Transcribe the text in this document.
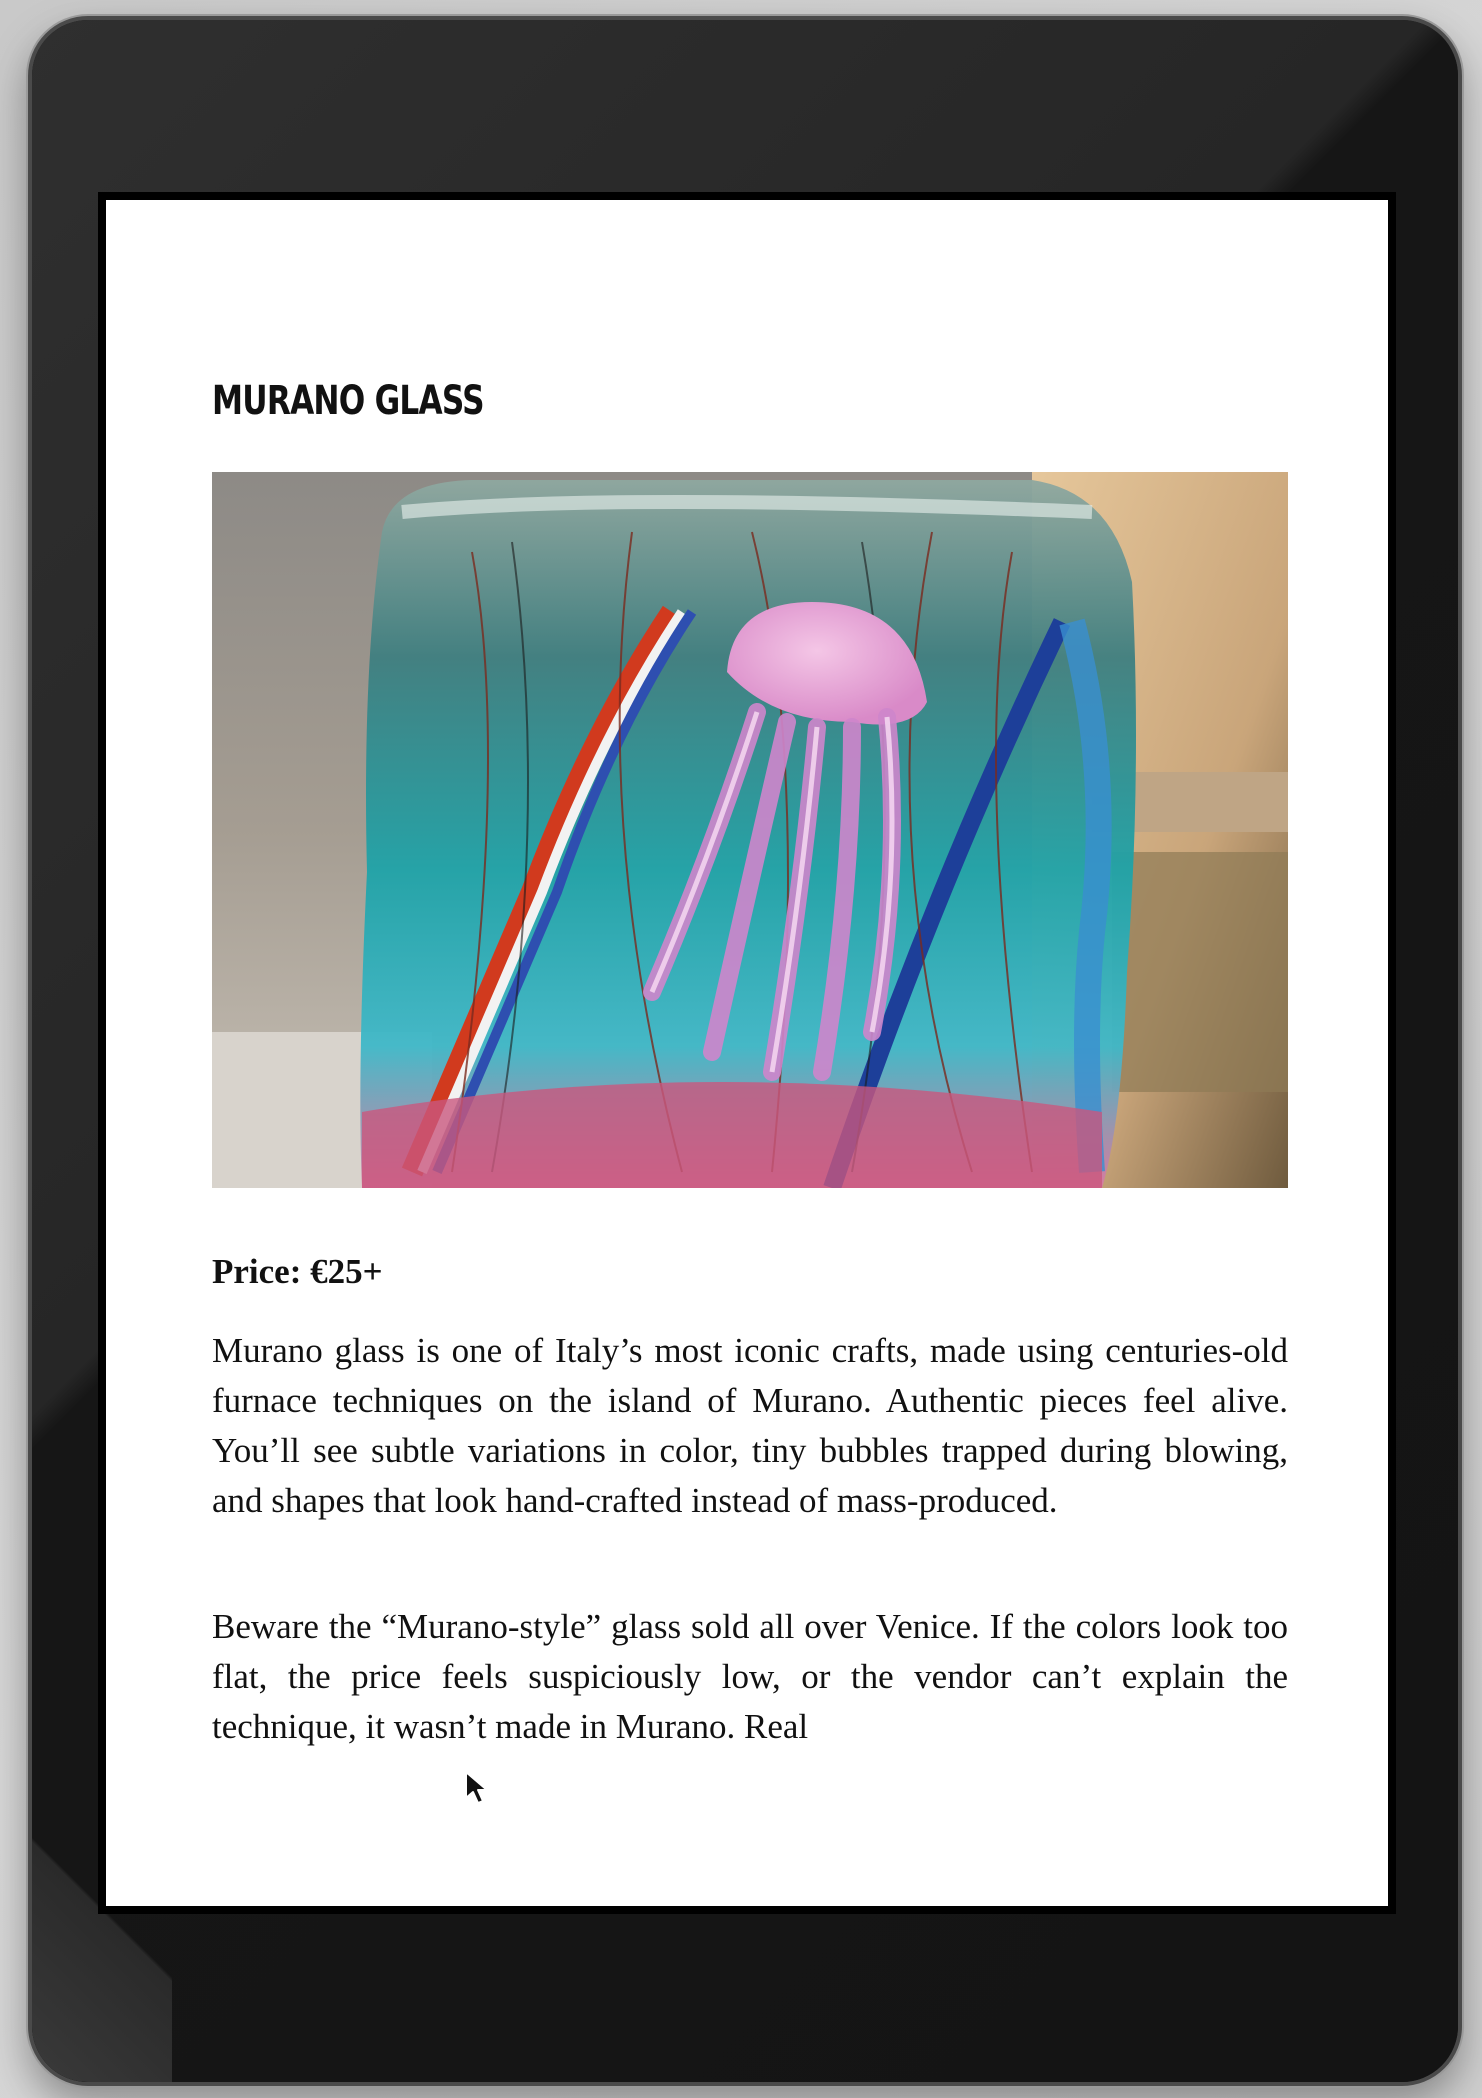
MURANO GLASS
Price: €25+

Murano glass is one of Italy’s most iconic crafts, made using centuries-old furnace techniques on the island of Murano. Authentic pieces feel alive. You’ll see subtle variations in color, tiny bubbles trapped during blowing, and shapes that look hand-crafted instead of mass-produced.

Beware the “Murano-style” glass sold all over Venice. If the colors look too flat, the price feels suspiciously low, or the vendor can’t explain the technique, it wasn’t made in Murano. Real
